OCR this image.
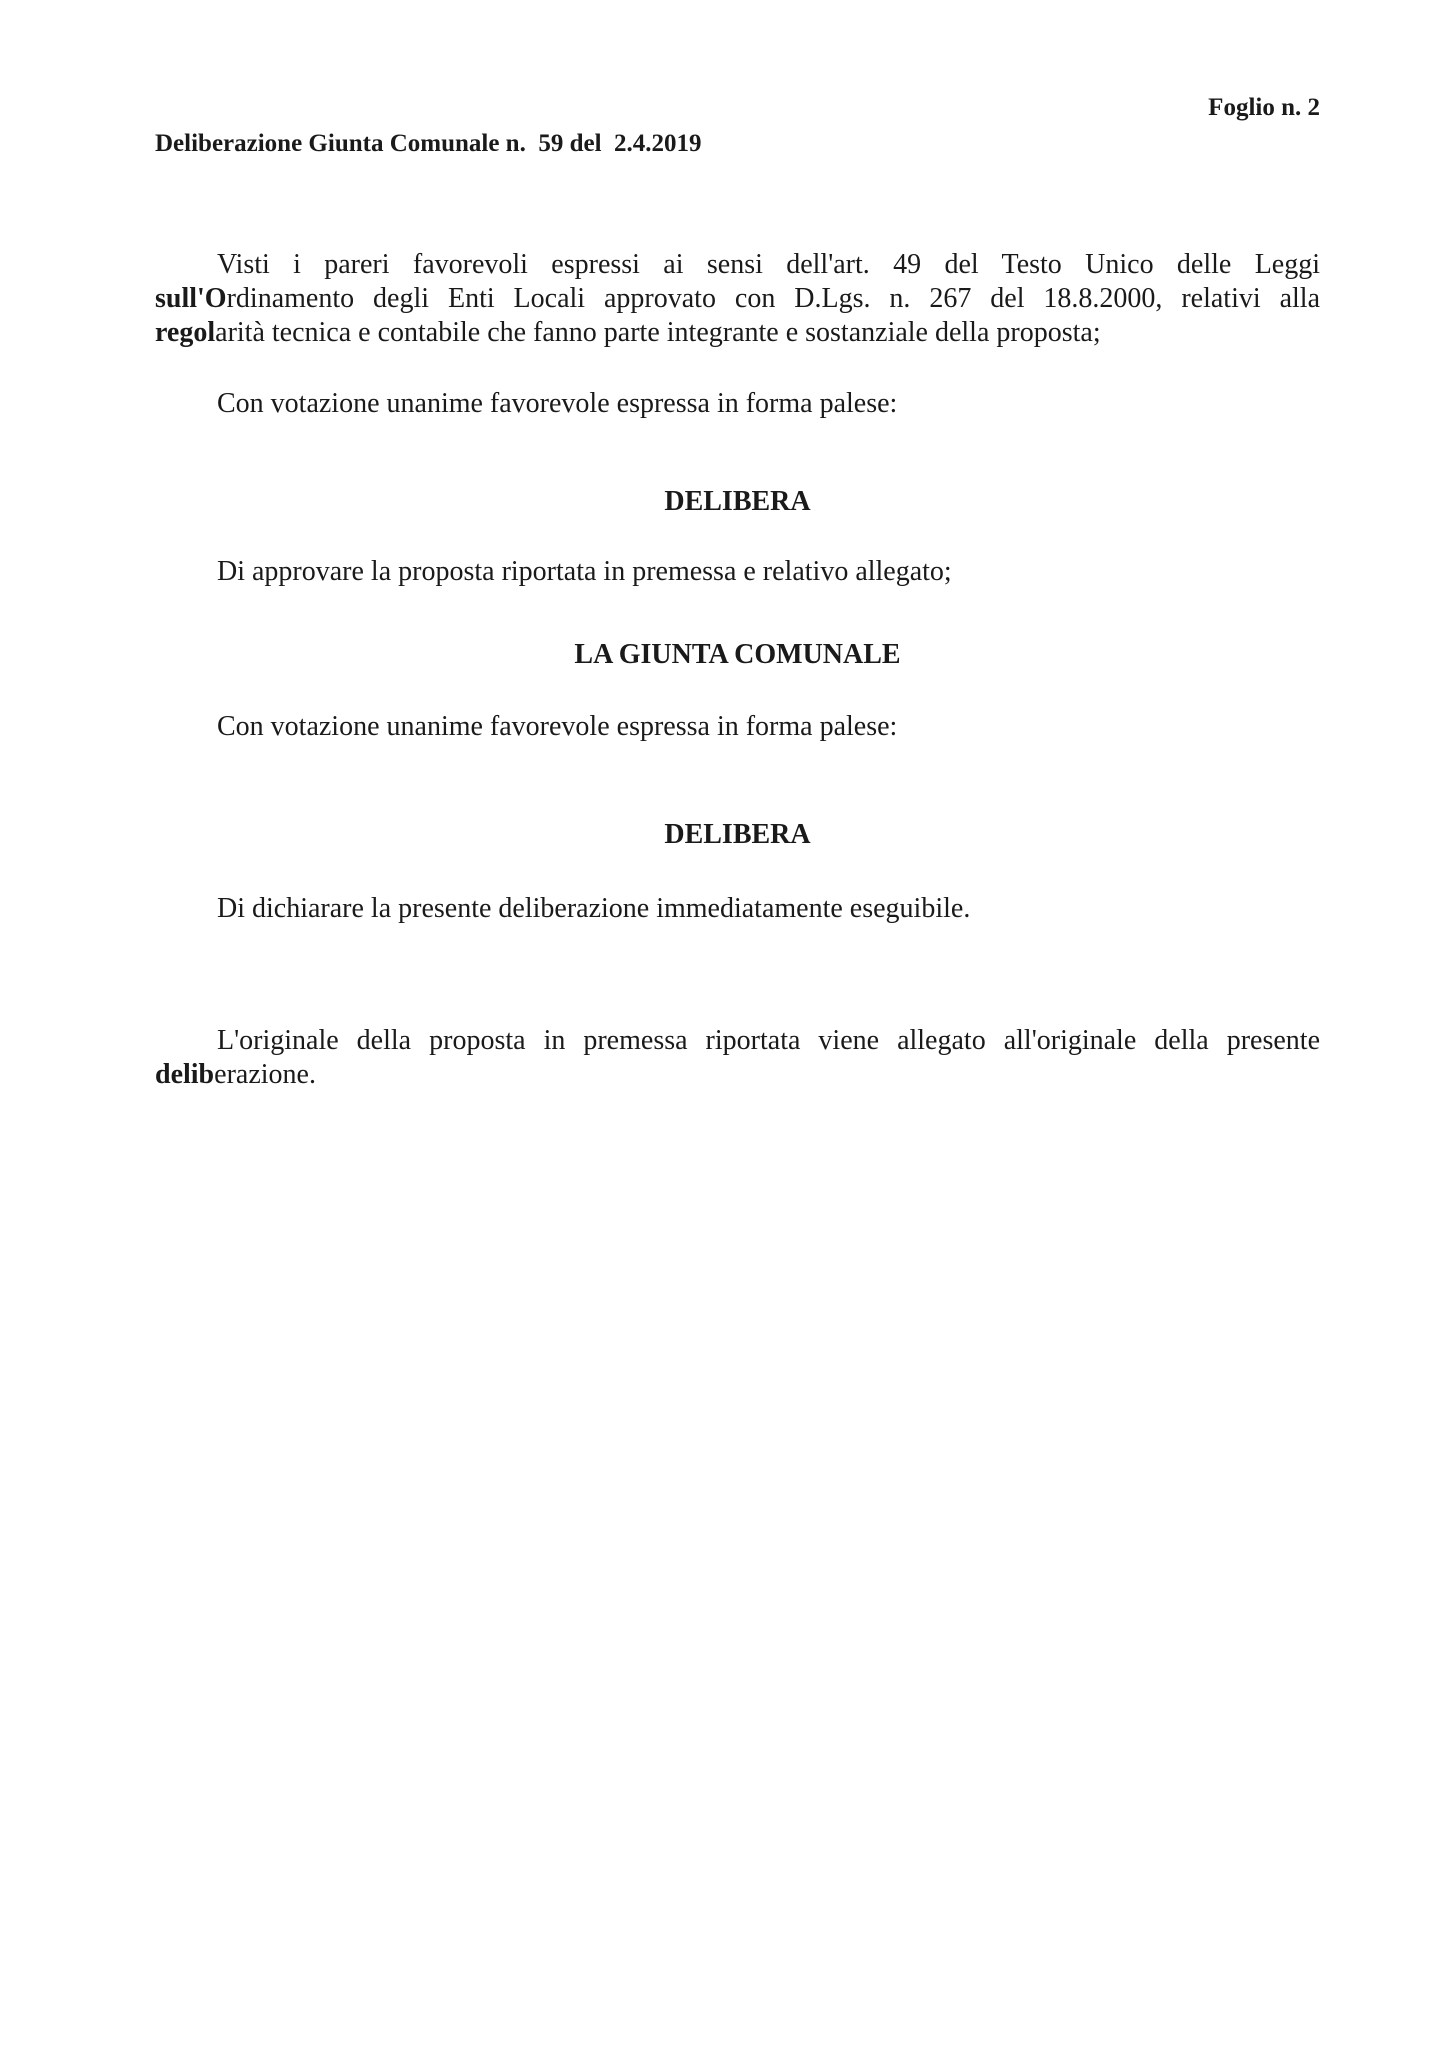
Foglio n. 2
Deliberazione Giunta Comunale n.  59 del  2.4.2019
Visti i pareri favorevoli espressi ai sensi dell'art. 49 del Testo Unico delle Leggi
sull'Ordinamento degli Enti Locali approvato con D.Lgs. n. 267 del 18.8.2000, relativi alla
regolarità tecnica e contabile che fanno parte integrante e sostanziale della proposta;
Con votazione unanime favorevole espressa in forma palese:
DELIBERA
Di approvare la proposta riportata in premessa e relativo allegato;
LA GIUNTA COMUNALE
Con votazione unanime favorevole espressa in forma palese:
DELIBERA
Di dichiarare la presente deliberazione immediatamente eseguibile.
L'originale della proposta in premessa riportata viene allegato all'originale della presente
deliberazione.
